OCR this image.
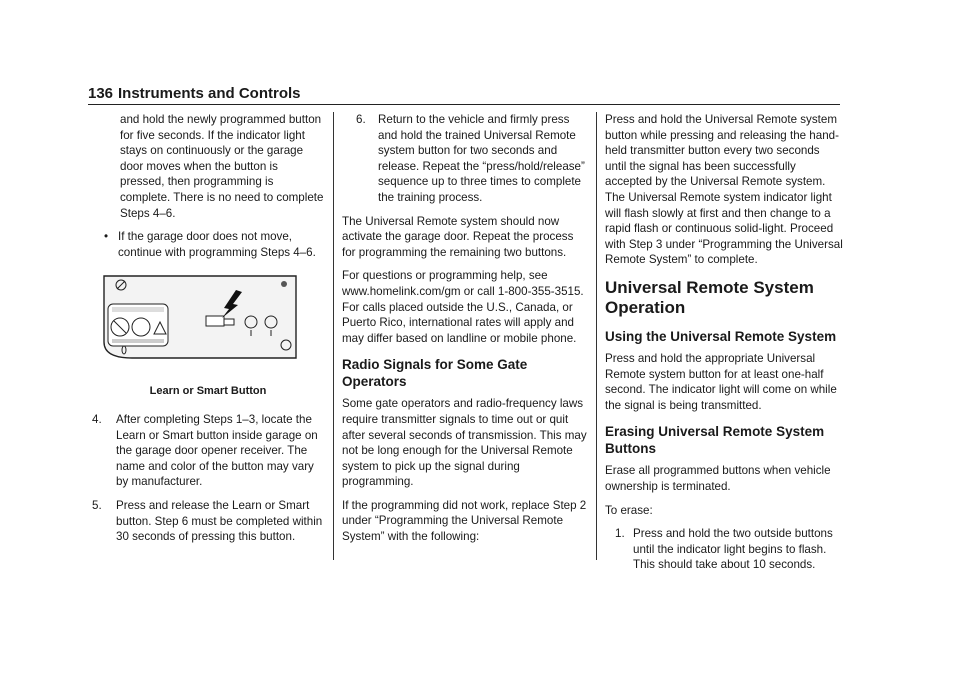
136 Instruments and Controls

and hold the newly programmed button for five seconds. If the indicator light stays on continuously or the garage door moves when the button is pressed, then programming is complete. There is no need to complete Steps 4–6.

• If the garage door does not move, continue with programming Steps 4–6.
Learn or Smart Button
4. After completing Steps 1–3, locate the Learn or Smart button inside garage on the garage door opener receiver. The name and color of the button may vary by manufacturer.
5. Press and release the Learn or Smart button. Step 6 must be completed within 30 seconds of pressing this button.
6. Return to the vehicle and firmly press and hold the trained Universal Remote system button for two seconds and release. Repeat the “press/hold/release” sequence up to three times to complete the training process.

The Universal Remote system should now activate the garage door. Repeat the process for programming the remaining two buttons.

For questions or programming help, see www.homelink.com/gm or call 1-800-355-3515. For calls placed outside the U.S., Canada, or Puerto Rico, international rates will apply and may differ based on landline or mobile phone.

Radio Signals for Some Gate Operators

Some gate operators and radio-frequency laws require transmitter signals to time out or quit after several seconds of transmission. This may not be long enough for the Universal Remote system to pick up the signal during programming.

If the programming did not work, replace Step 2 under “Programming the Universal Remote System” with the following:

Press and hold the Universal Remote system button while pressing and releasing the hand-held transmitter button every two seconds until the signal has been successfully accepted by the Universal Remote system. The Universal Remote system indicator light will flash slowly at first and then change to a rapid flash or continuous solid-light. Proceed with Step 3 under “Programming the Universal Remote System” to complete.

Universal Remote System Operation
Using the Universal Remote System

Press and hold the appropriate Universal Remote system button for at least one-half second. The indicator light will come on while the signal is being transmitted.

Erasing Universal Remote System Buttons

Erase all programmed buttons when vehicle ownership is terminated.

To erase:

1. Press and hold the two outside buttons until the indicator light begins to flash. This should take about 10 seconds.
